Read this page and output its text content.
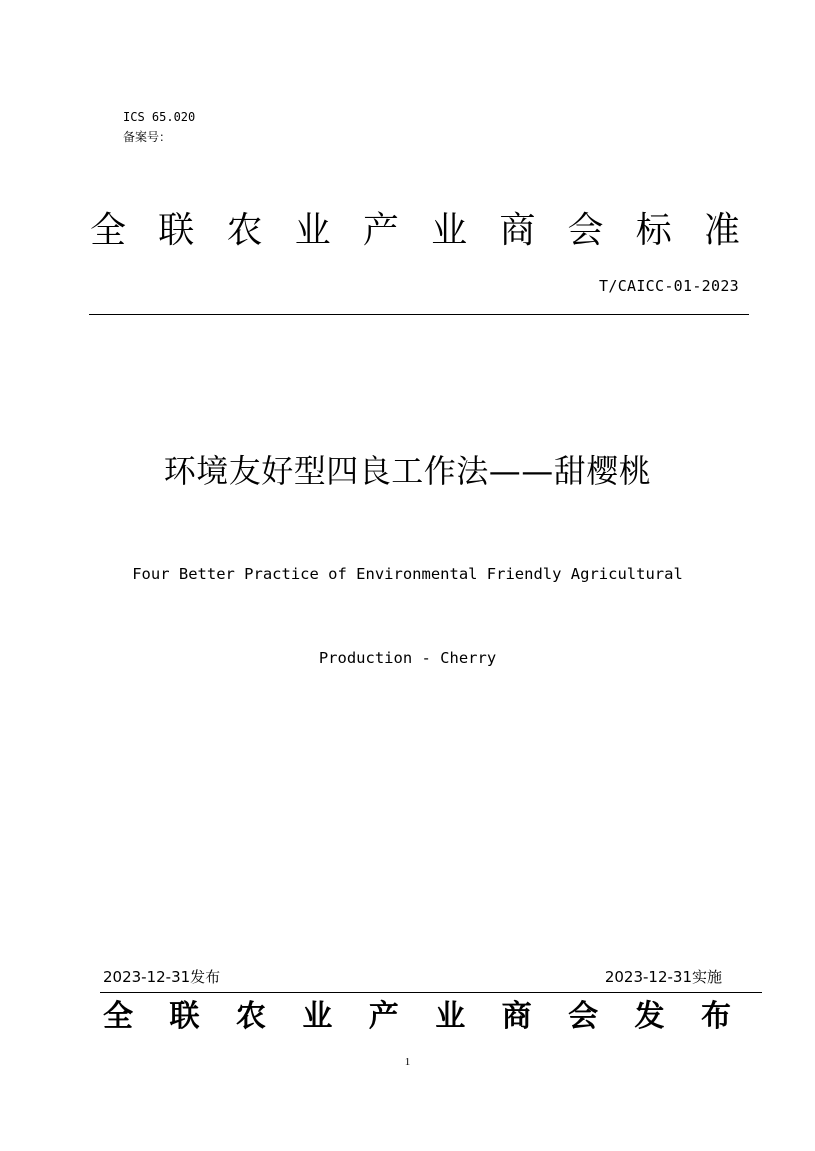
ICS 65.020
备案号：
全 联 农 业 产 业 商 会 标 准
T/CAICC-01-2023
环境友好型四良工作法——甜樱桃

Four Better Practice of Environmental Friendly Agricultural

Production - Cherry

2023-12-31发布	2023-12-31实施
全 联 农 业 产 业 商 会 发 布
1
